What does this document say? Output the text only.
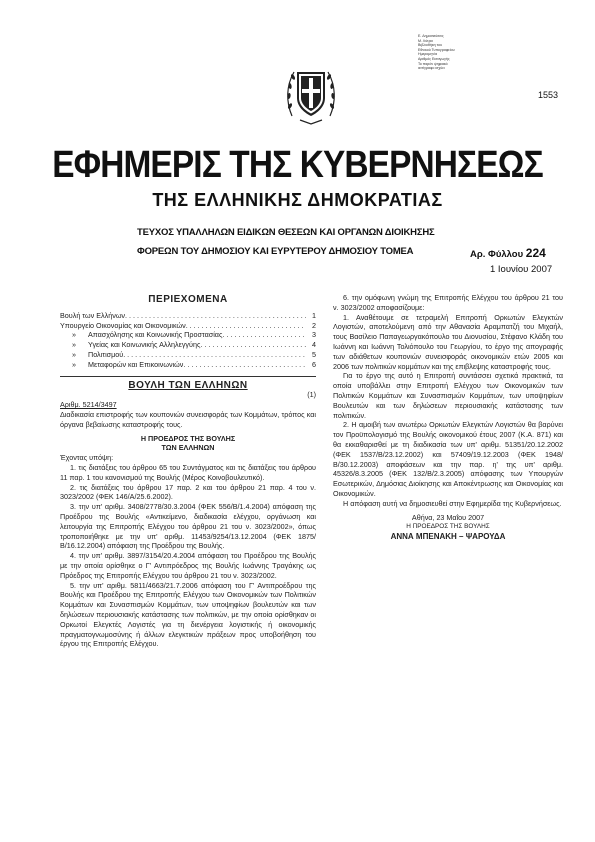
Ε. Δημοσιεύσεις
Μ. Λύτρα
Βιβλιοθήκη του
Εθνικού Τυπογραφείου
Ημερομηνία
Αριθμός Εισαγωγής
Το παρόν ψηφιακό
αντίγραφο ισχύει
1553
ΕΦΗΜΕΡΙΣ ΤΗΣ ΚΥΒΕΡΝΗΣΕΩΣ
ΤΗΣ ΕΛΛΗΝΙΚΗΣ ΔΗΜΟΚΡΑΤΙΑΣ
ΤΕΥΧΟΣ ΥΠΑΛΛΗΛΩΝ ΕΙΔΙΚΩΝ ΘΕΣΕΩΝ ΚΑΙ ΟΡΓΑΝΩΝ ΔΙΟΙΚΗΣΗΣ
ΦΟΡΕΩΝ ΤΟΥ ΔΗΜΟΣΙΟΥ ΚΑΙ ΕΥΡΥΤΕΡΟΥ ΔΗΜΟΣΙΟΥ ΤΟΜΕΑ	Αρ. Φύλλου 224
1 Ιουνίου 2007
ΠΕΡΙΕΧΟΜΕΝΑ
Βουλή των Ελλήνων . . .	1
Υπουργείο Οικονομίας και Οικονομικών . . .	2
»	Απασχόλησης και Κοινωνικής Προστασίας . . .	3
»	Υγείας και Κοινωνικής Αλληλεγγύης . . .	4
»	Πολιτισμού . . .	5
»	Μεταφορών και Επικοινωνιών . . .	6
ΒΟΥΛΗ ΤΩΝ ΕΛΛΗΝΩΝ
(1)
Αριθμ. 5214/3497
Διαδικασία επιστροφής των κουπονιών συνεισφοράς των Κομμάτων, τρόπος και όργανα βεβαίωσης καταστροφής τους.
Η ΠΡΟΕΔΡΟΣ ΤΗΣ ΒΟΥΛΗΣ
ΤΩΝ ΕΛΛΗΝΩΝ
Έχοντας υπόψη:
1. τις διατάξεις του άρθρου 65 του Συντάγματος και τις διατάξεις του άρθρου 11 παρ. 1 του κανονισμού της Βουλής (Μέρος Κοινοβουλευτικό).
2. τις διατάξεις του άρθρου 17 παρ. 2 και του άρθρου 21 παρ. 4 του ν. 3023/2002 (ΦΕΚ 146/Α/25.6.2002).
3. την υπ' αριθμ. 3408/2778/30.3.2004 (ΦΕΚ 556/Β/1.4.2004) απόφαση της Προέδρου της Βουλής «Αντικείμενο, διαδικασία ελέγχου, οργάνωση και λειτουργία της Επιτροπής Ελέγχου του άρθρου 21 του ν. 3023/2002», όπως τροποποιήθηκε με την υπ' αριθμ. 11453/9254/13.12.2004 (ΦΕΚ 1875/Β/16.12.2004) απόφαση της Προέδρου της Βουλής.
4. την υπ' αριθμ. 3897/3154/20.4.2004 απόφαση του Προέδρου της Βουλής με την οποία ορίσθηκε ο Γ' Αντιπρόεδρος της Βουλής Ιωάννης Τραγάκης ως Πρόεδρος της Επιτροπής Ελέγχου του άρθρου 21 του ν. 3023/2002.
5. την υπ' αριθμ. 5811/4663/21.7.2006 απόφαση του Γ' Αντιπροέδρου της Βουλής και Προέδρου της Επιτροπής Ελέγχου των Οικονομικών των Πολιτικών Κομμάτων και Συνασπισμών Κομμάτων, των υποψηφίων βουλευτών και των δηλώσεων περιουσιακής κατάστασης των πολιτικών, με την οποία ορίσθηκαν οι Ορκωτοί Ελεγκτές Λογιστές για τη διενέργεια λογιστικής ή οικονομικής πραγματογνωμοσύνης ή άλλων ελεγκτικών πράξεων προς υποβοήθηση του έργου της Επιτροπής Ελέγχου.
6. την ομόφωνη γνώμη της Επιτροπής Ελέγχου του άρθρου 21 του ν. 3023/2002 αποφασίζουμε:
1. Αναθέτουμε σε τετραμελή Επιτροπή Ορκωτών Ελεγκτών Λογιστών, αποτελούμενη από την Αθανασία Αραμπατζή του Μιχαήλ, τους Βασίλειο Παπαγεωργακόπουλο του Διονυσίου, Στέφανο Κλάδη του Ιωάννη και Ιωάννη Τολιόπουλο του Γεωργίου, το έργο της απογραφής των αδιάθετων κουπονιών συνεισφοράς οικονομικών ετών 2005 και 2006 των πολιτικών κομμάτων και της επιβλεψης καταστροφής τους.
Για το έργο της αυτό η Επιτροπή συντάσσει σχετικά πρακτικά, τα οποία υποβάλλει στην Επιτροπή Ελέγχου των Οικονομικών των Πολιτικών Κομμάτων και Συνασπισμών Κομμάτων, των υποψηφίων Βουλευτών και των δηλώσεων περιουσιακής κατάστασης των πολιτικών.
2. Η αμοιβή των ανωτέρω Ορκωτών Ελεγκτών Λογιστών θα βαρύνει τον Προϋπολογισμό της Βουλής οικονομικού έτους 2007 (Κ.Α. 871) και θα εκκαθαρισθεί με τη διαδικασία των υπ' αριθμ. 51351/20.12.2002 (ΦΕΚ 1537/Β/23.12.2002) και 57409/19.12.2003 (ΦΕΚ 1948/Β/30.12.2003) αποφάσεων και την παρ. η' της υπ' αριθμ. 45326/8.3.2005 (ΦΕΚ 132/Β/2.3.2005) απόφασης των Υπουργών Εσωτερικών, Δημόσιας Διοίκησης και Αποκέντρωσης και Οικονομίας και Οικονομικών.
Η απόφαση αυτή να δημοσιευθεί στην Εφημερίδα της Κυβερνήσεως.
Αθήνα, 23 Μαΐου 2007
Η ΠΡΟΕΔΡΟΣ ΤΗΣ ΒΟΥΛΗΣ
ΑΝΝΑ ΜΠΕΝΑΚΗ – ΨΑΡΟΥΔΑ
